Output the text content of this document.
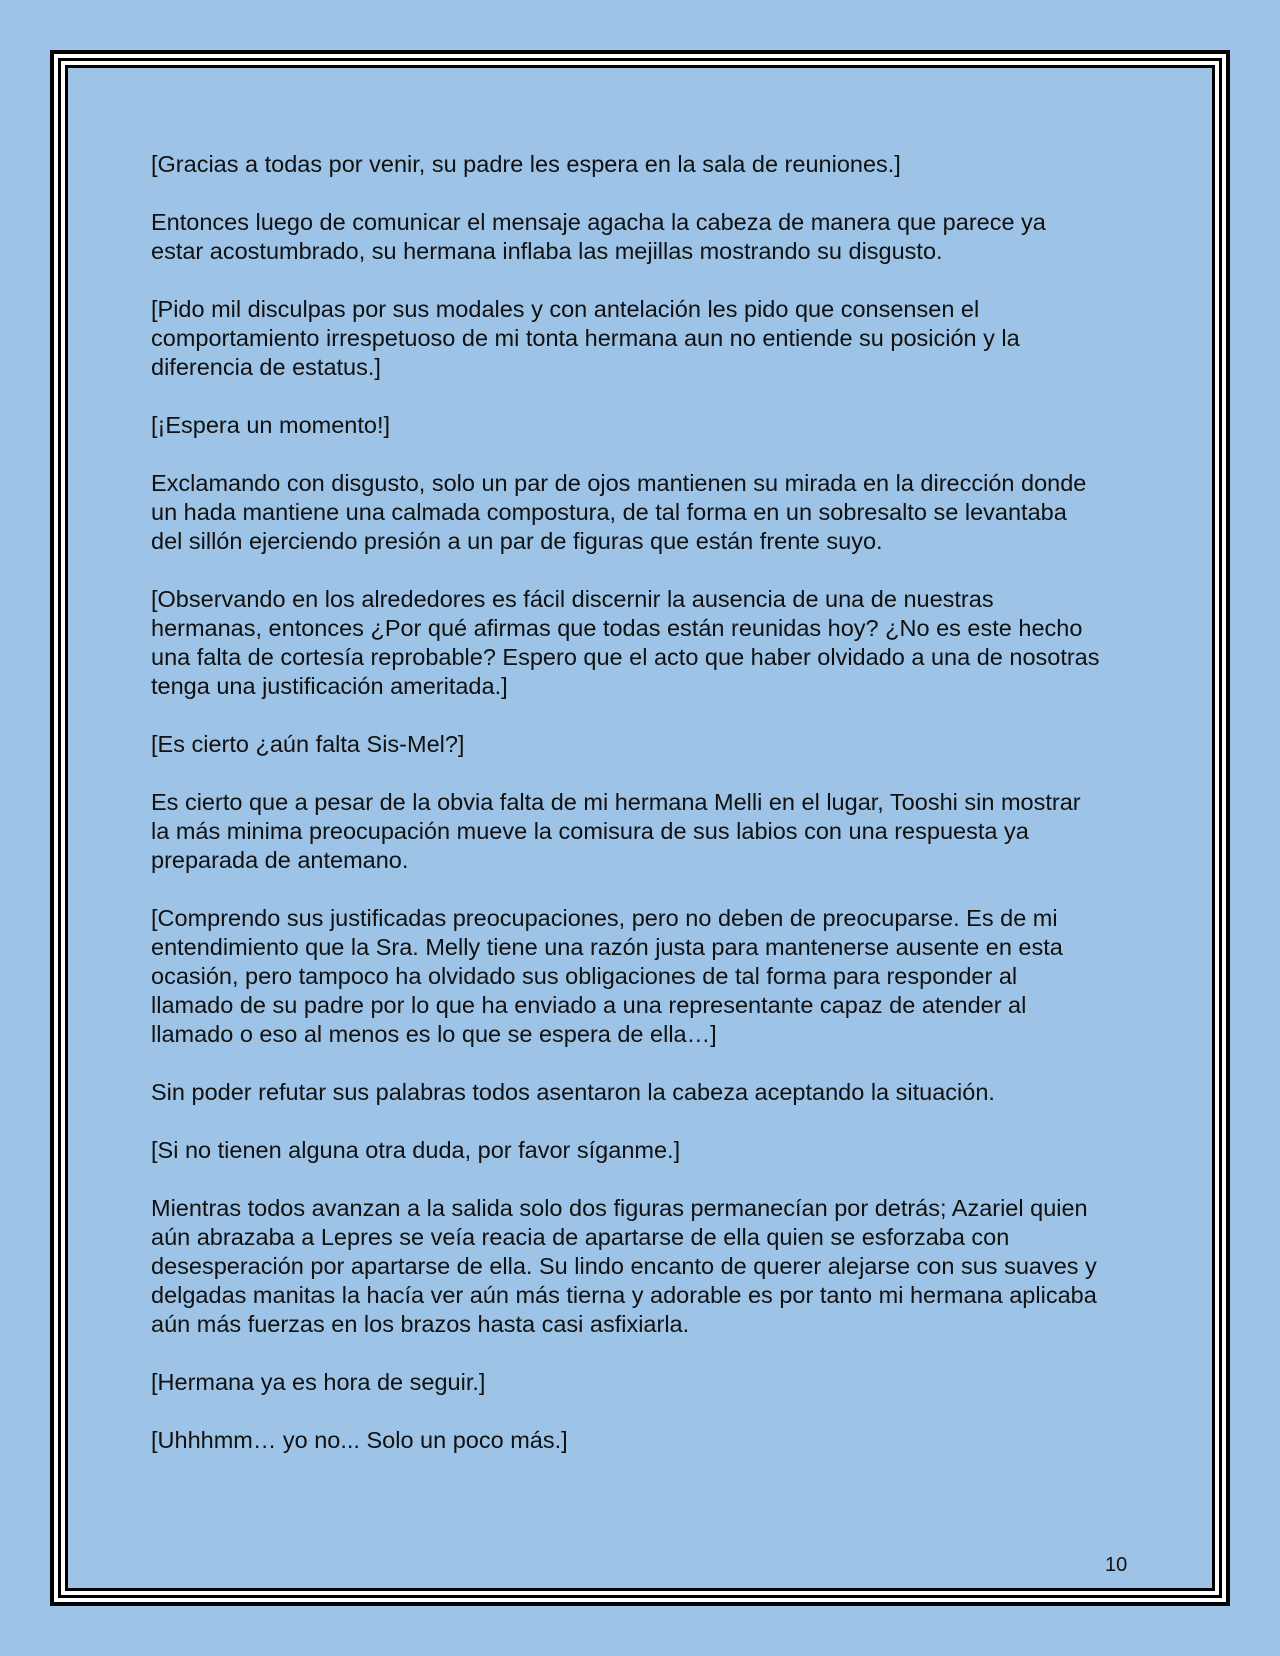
[Gracias a todas por venir, su padre les espera en la sala de reuniones.]

Entonces luego de comunicar el mensaje agacha la cabeza de manera que parece ya estar acostumbrado, su hermana inflaba las mejillas mostrando su disgusto.

[Pido mil disculpas por sus modales y con antelación les pido que consensen el comportamiento irrespetuoso de mi tonta hermana aun no entiende su posición y la diferencia de estatus.]

[¡Espera un momento!]

Exclamando con disgusto, solo un par de ojos mantienen su mirada en la dirección donde un hada mantiene una calmada compostura, de tal forma en un sobresalto se levantaba del sillón ejerciendo presión a un par de figuras que están frente suyo.

[Observando en los alrededores es fácil discernir la ausencia de una de nuestras hermanas, entonces ¿Por qué afirmas que todas están reunidas hoy? ¿No es este hecho una falta de cortesía reprobable? Espero que el acto que haber olvidado a una de nosotras tenga una justificación ameritada.]

[Es cierto ¿aún falta Sis-Mel?]

Es cierto que a pesar de la obvia falta de mi hermana Melli en el lugar, Tooshi sin mostrar la más minima preocupación mueve la comisura de sus labios con una respuesta ya preparada de antemano.

[Comprendo sus justificadas preocupaciones, pero no deben de preocuparse. Es de mi entendimiento que la Sra. Melly tiene una razón justa para mantenerse ausente en esta ocasión, pero tampoco ha olvidado sus obligaciones de tal forma para responder al llamado de su padre por lo que ha enviado a una representante capaz de atender al llamado o eso al menos es lo que se espera de ella…]

Sin poder refutar sus palabras todos asentaron la cabeza aceptando la situación.

[Si no tienen alguna otra duda, por favor síganme.]

Mientras todos avanzan a la salida solo dos figuras permanecían por detrás; Azariel quien aún abrazaba a Lepres se veía reacia de apartarse de ella quien se esforzaba con desesperación por apartarse de ella. Su lindo encanto de querer alejarse con sus suaves y delgadas manitas la hacía ver aún más tierna y adorable es por tanto mi hermana aplicaba aún más fuerzas en los brazos hasta casi asfixiarla.

[Hermana ya es hora de seguir.]

[Uhhhmm… yo no... Solo un poco más.]

10
